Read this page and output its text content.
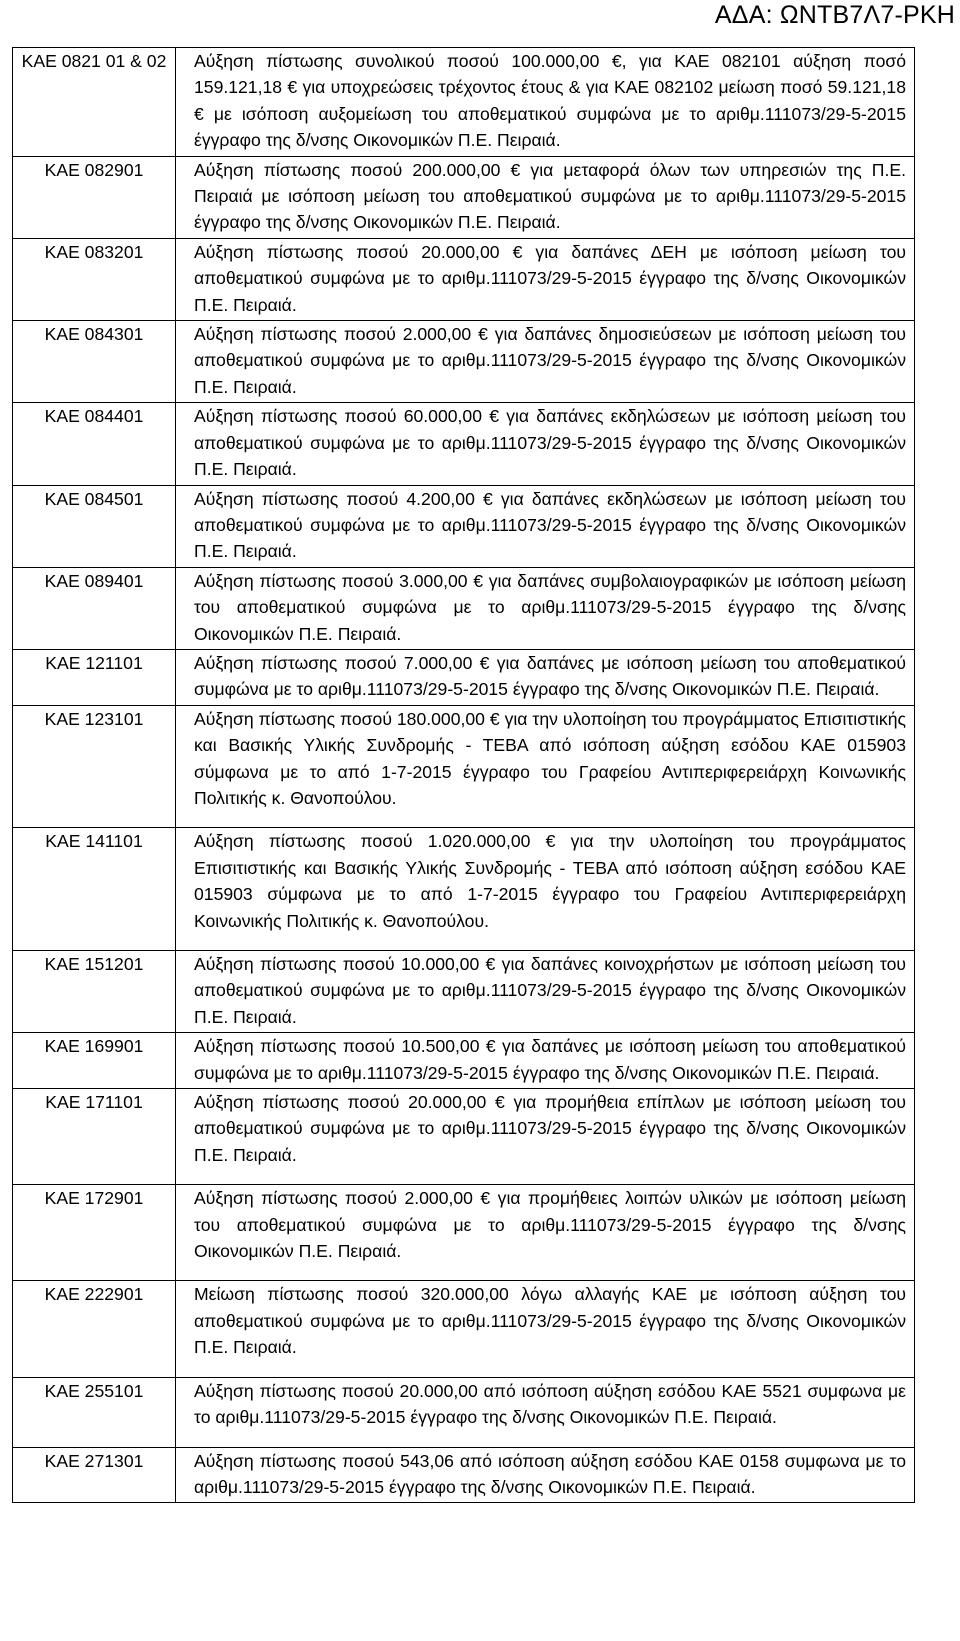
ΑΔΑ: ΩΝΤΒ7Λ7-ΡΚΗ
ΚΑΕ 0821 01 & 02	Αύξηση πίστωσης συνολικού ποσού 100.000,00 €, για ΚΑΕ 082101 αύξηση ποσό 159.121,18 € για υποχρεώσεις τρέχοντος έτους & για ΚΑΕ 082102 μείωση ποσό 59.121,18 € με ισόποση αυξομείωση του αποθεματικού συμφώνα με το αριθμ.111073/29-5-2015 έγγραφο της δ/νσης Οικονομικών Π.Ε. Πειραιά.
ΚΑΕ 082901	Αύξηση πίστωσης ποσού 200.000,00 € για μεταφορά όλων των υπηρεσιών της Π.Ε. Πειραιά με ισόποση μείωση του αποθεματικού συμφώνα με το αριθμ.111073/29-5-2015 έγγραφο της δ/νσης Οικονομικών Π.Ε. Πειραιά.
ΚΑΕ 083201	Αύξηση πίστωσης ποσού 20.000,00 € για δαπάνες ΔΕΗ με ισόποση μείωση του αποθεματικού συμφώνα με το αριθμ.111073/29-5-2015 έγγραφο της δ/νσης Οικονομικών Π.Ε. Πειραιά.
ΚΑΕ 084301	Αύξηση πίστωσης ποσού 2.000,00 € για δαπάνες δημοσιεύσεων με ισόποση μείωση του αποθεματικού συμφώνα με το αριθμ.111073/29-5-2015 έγγραφο της δ/νσης Οικονομικών Π.Ε. Πειραιά.
ΚΑΕ 084401	Αύξηση πίστωσης ποσού 60.000,00 € για δαπάνες εκδηλώσεων με ισόποση μείωση του αποθεματικού συμφώνα με το αριθμ.111073/29-5-2015 έγγραφο της δ/νσης Οικονομικών Π.Ε. Πειραιά.
ΚΑΕ 084501	Αύξηση πίστωσης ποσού 4.200,00 € για δαπάνες εκδηλώσεων με ισόποση μείωση του αποθεματικού συμφώνα με το αριθμ.111073/29-5-2015 έγγραφο της δ/νσης Οικονομικών Π.Ε. Πειραιά.
ΚΑΕ 089401	Αύξηση πίστωσης ποσού 3.000,00 € για δαπάνες συμβολαιογραφικών με ισόποση μείωση του αποθεματικού συμφώνα με το αριθμ.111073/29-5-2015 έγγραφο της δ/νσης Οικονομικών Π.Ε. Πειραιά.
ΚΑΕ 121101	Αύξηση πίστωσης ποσού 7.000,00 € για δαπάνες με ισόποση μείωση του αποθεματικού συμφώνα με το αριθμ.111073/29-5-2015 έγγραφο της δ/νσης Οικονομικών Π.Ε. Πειραιά.
ΚΑΕ 123101	Αύξηση πίστωσης ποσού 180.000,00 € για την υλοποίηση του προγράμματος Επισιτιστικής και Βασικής Υλικής Συνδρομής - ΤΕΒΑ από ισόποση αύξηση εσόδου ΚΑΕ 015903 σύμφωνα με το από 1-7-2015 έγγραφο του Γραφείου Αντιπεριφερειάρχη Κοινωνικής Πολιτικής κ. Θανοπούλου.
ΚΑΕ 141101	Αύξηση πίστωσης ποσού 1.020.000,00 € για την υλοποίηση του προγράμματος Επισιτιστικής και Βασικής Υλικής Συνδρομής - ΤΕΒΑ από ισόποση αύξηση εσόδου ΚΑΕ 015903 σύμφωνα με το από 1-7-2015 έγγραφο του Γραφείου Αντιπεριφερειάρχη Κοινωνικής Πολιτικής κ. Θανοπούλου.
ΚΑΕ 151201	Αύξηση πίστωσης ποσού 10.000,00 € για δαπάνες κοινοχρήστων με ισόποση μείωση του αποθεματικού συμφώνα με το αριθμ.111073/29-5-2015 έγγραφο της δ/νσης Οικονομικών Π.Ε. Πειραιά.
ΚΑΕ 169901	Αύξηση πίστωσης ποσού 10.500,00 € για δαπάνες με ισόποση μείωση του αποθεματικού συμφώνα με το αριθμ.111073/29-5-2015 έγγραφο της δ/νσης Οικονομικών Π.Ε. Πειραιά.
ΚΑΕ 171101	Αύξηση πίστωσης ποσού 20.000,00 € για προμήθεια επίπλων με ισόποση μείωση του αποθεματικού συμφώνα με το αριθμ.111073/29-5-2015 έγγραφο της δ/νσης Οικονομικών Π.Ε. Πειραιά.
ΚΑΕ 172901	Αύξηση πίστωσης ποσού 2.000,00 € για προμήθειες λοιπών υλικών με ισόποση μείωση του αποθεματικού συμφώνα με το αριθμ.111073/29-5-2015 έγγραφο της δ/νσης Οικονομικών Π.Ε. Πειραιά.
ΚΑΕ 222901	Μείωση πίστωσης ποσού 320.000,00 λόγω αλλαγής ΚΑΕ με ισόποση αύξηση του αποθεματικού συμφώνα με το αριθμ.111073/29-5-2015 έγγραφο της δ/νσης Οικονομικών Π.Ε. Πειραιά.
ΚΑΕ 255101	Αύξηση πίστωσης ποσού 20.000,00 από ισόποση αύξηση εσόδου ΚΑΕ 5521 συμφωνα με το αριθμ.111073/29-5-2015 έγγραφο της δ/νσης Οικονομικών Π.Ε. Πειραιά.
ΚΑΕ 271301	Αύξηση πίστωσης ποσού 543,06 από ισόποση αύξηση εσόδου ΚΑΕ 0158 συμφωνα με το αριθμ.111073/29-5-2015 έγγραφο της δ/νσης Οικονομικών Π.Ε. Πειραιά.
